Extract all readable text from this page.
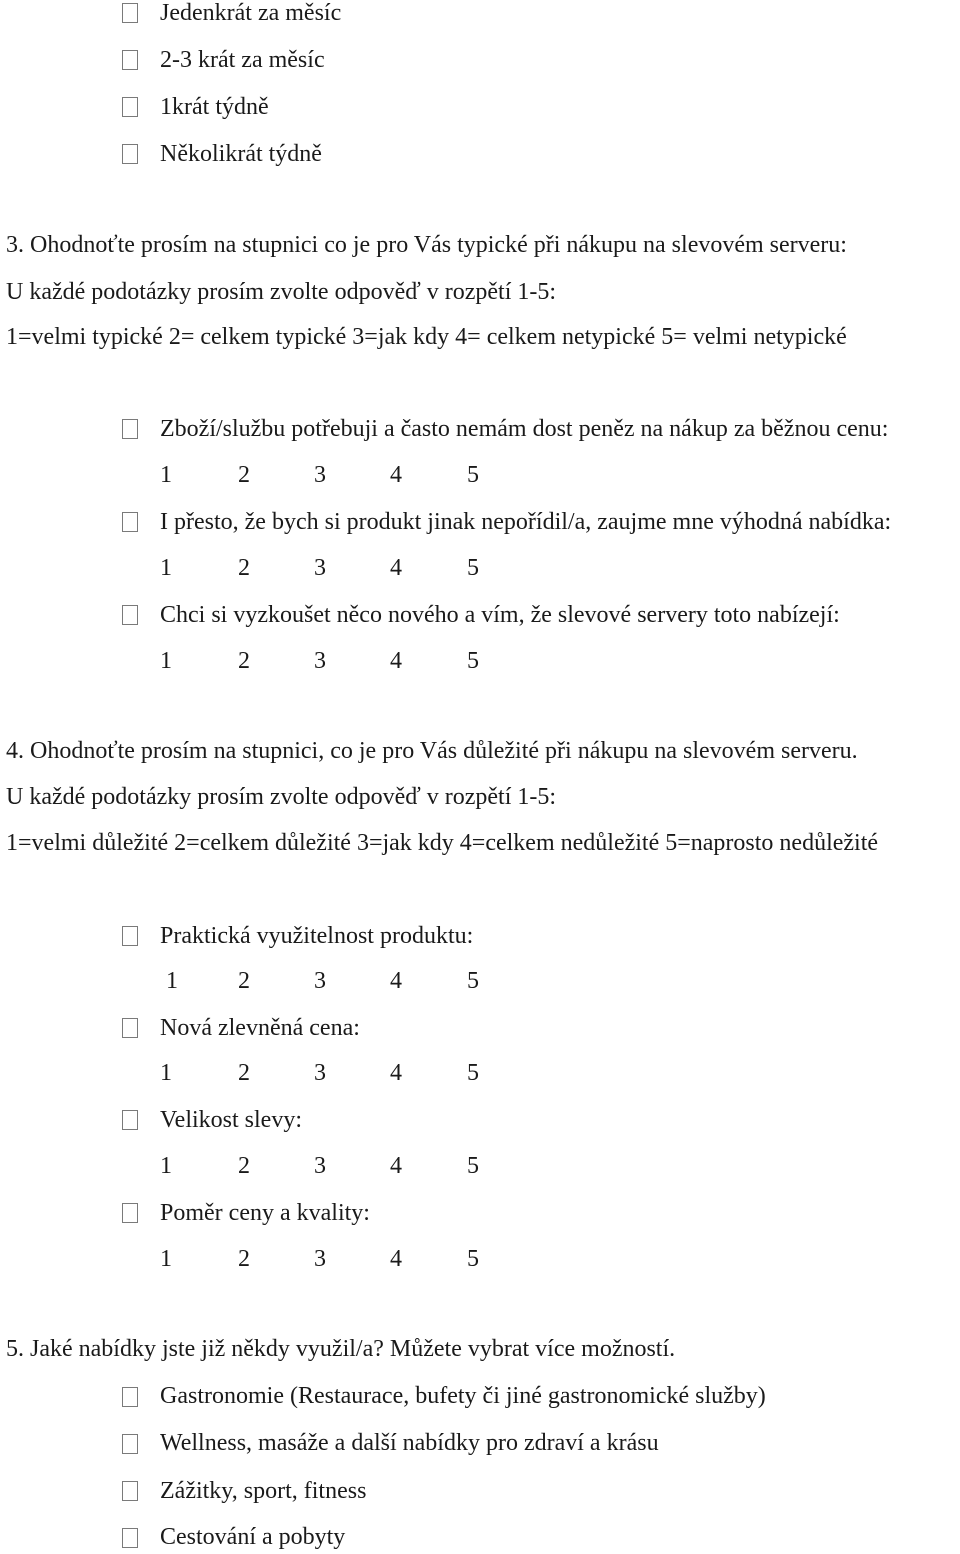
Jedenkrát za měsíc
2-3 krát za měsíc
1krát týdně
Několikrát týdně
3. Ohodnoťte prosím na stupnici co je pro Vás typické při nákupu na slevovém serveru:
U každé podotázky prosím zvolte odpověď v rozpětí 1-5:
1=velmi typické 2= celkem typické 3=jak kdy 4= celkem netypické 5= velmi netypické
Zboží/službu potřebuji a často nemám dost peněz na nákup za běžnou cenu:
1	2	3	4	5
I přesto, že bych si produkt jinak nepořídil/a, zaujme mne výhodná nabídka:
1	2	3	4	5
Chci si vyzkoušet něco nového a vím, že slevové servery toto nabízejí:
1	2	3	4	5
4. Ohodnoťte prosím na stupnici, co je pro Vás důležité při nákupu na slevovém serveru.
U každé podotázky prosím zvolte odpověď v rozpětí 1-5:
1=velmi důležité 2=celkem důležité 3=jak kdy 4=celkem nedůležité 5=naprosto nedůležité
Praktická využitelnost produktu:
1	2	3	4	5
Nová zlevněná cena:
1	2	3	4	5
Velikost slevy:
1	2	3	4	5
Poměr ceny a kvality:
1	2	3	4	5
5. Jaké nabídky jste již někdy využil/a? Můžete vybrat více možností.
Gastronomie (Restaurace, bufety či jiné gastronomické služby)
Wellness, masáže a další nabídky pro zdraví a krásu
Zážitky, sport, fitness
Cestování a pobyty
